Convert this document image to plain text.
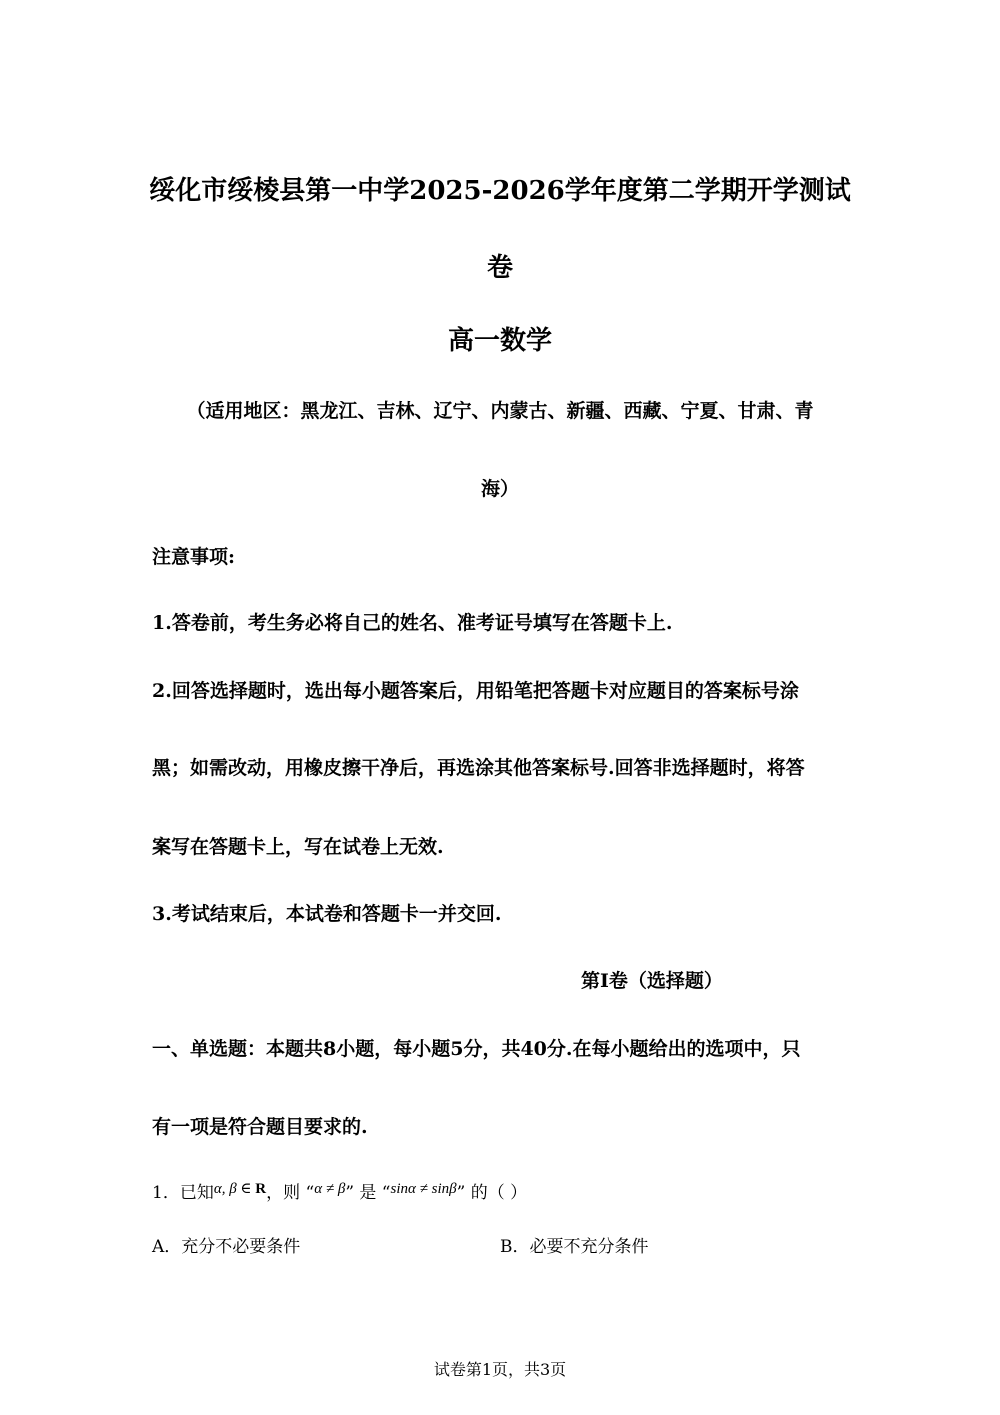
绥化市绥棱县第一中学2025-2026学年度第二学期开学测试

卷

高一数学

（适用地区：黑龙江、吉林、辽宁、内蒙古、新疆、西藏、宁夏、甘肃、青

海）

注意事项:

1.答卷前，考生务必将自己的姓名、准考证号填写在答题卡上.

2.回答选择题时，选出每小题答案后，用铅笔把答题卡对应题目的答案标号涂

黑；如需改动，用橡皮擦干净后，再选涂其他答案标号.回答非选择题时，将答

案写在答题卡上，写在试卷上无效.

3.考试结束后，本试卷和答题卡一并交回.

第I卷（选择题）

一、单选题：本题共8小题，每小题5分，共40分.在每小题给出的选项中，只

有一项是符合题目要求的.

1．已知α, β ∈ R，则 “α ≠ β” 是 “sinα ≠ sinβ” 的（ ）

A．充分不必要条件	B．必要不充分条件

试卷第1页，共3页
